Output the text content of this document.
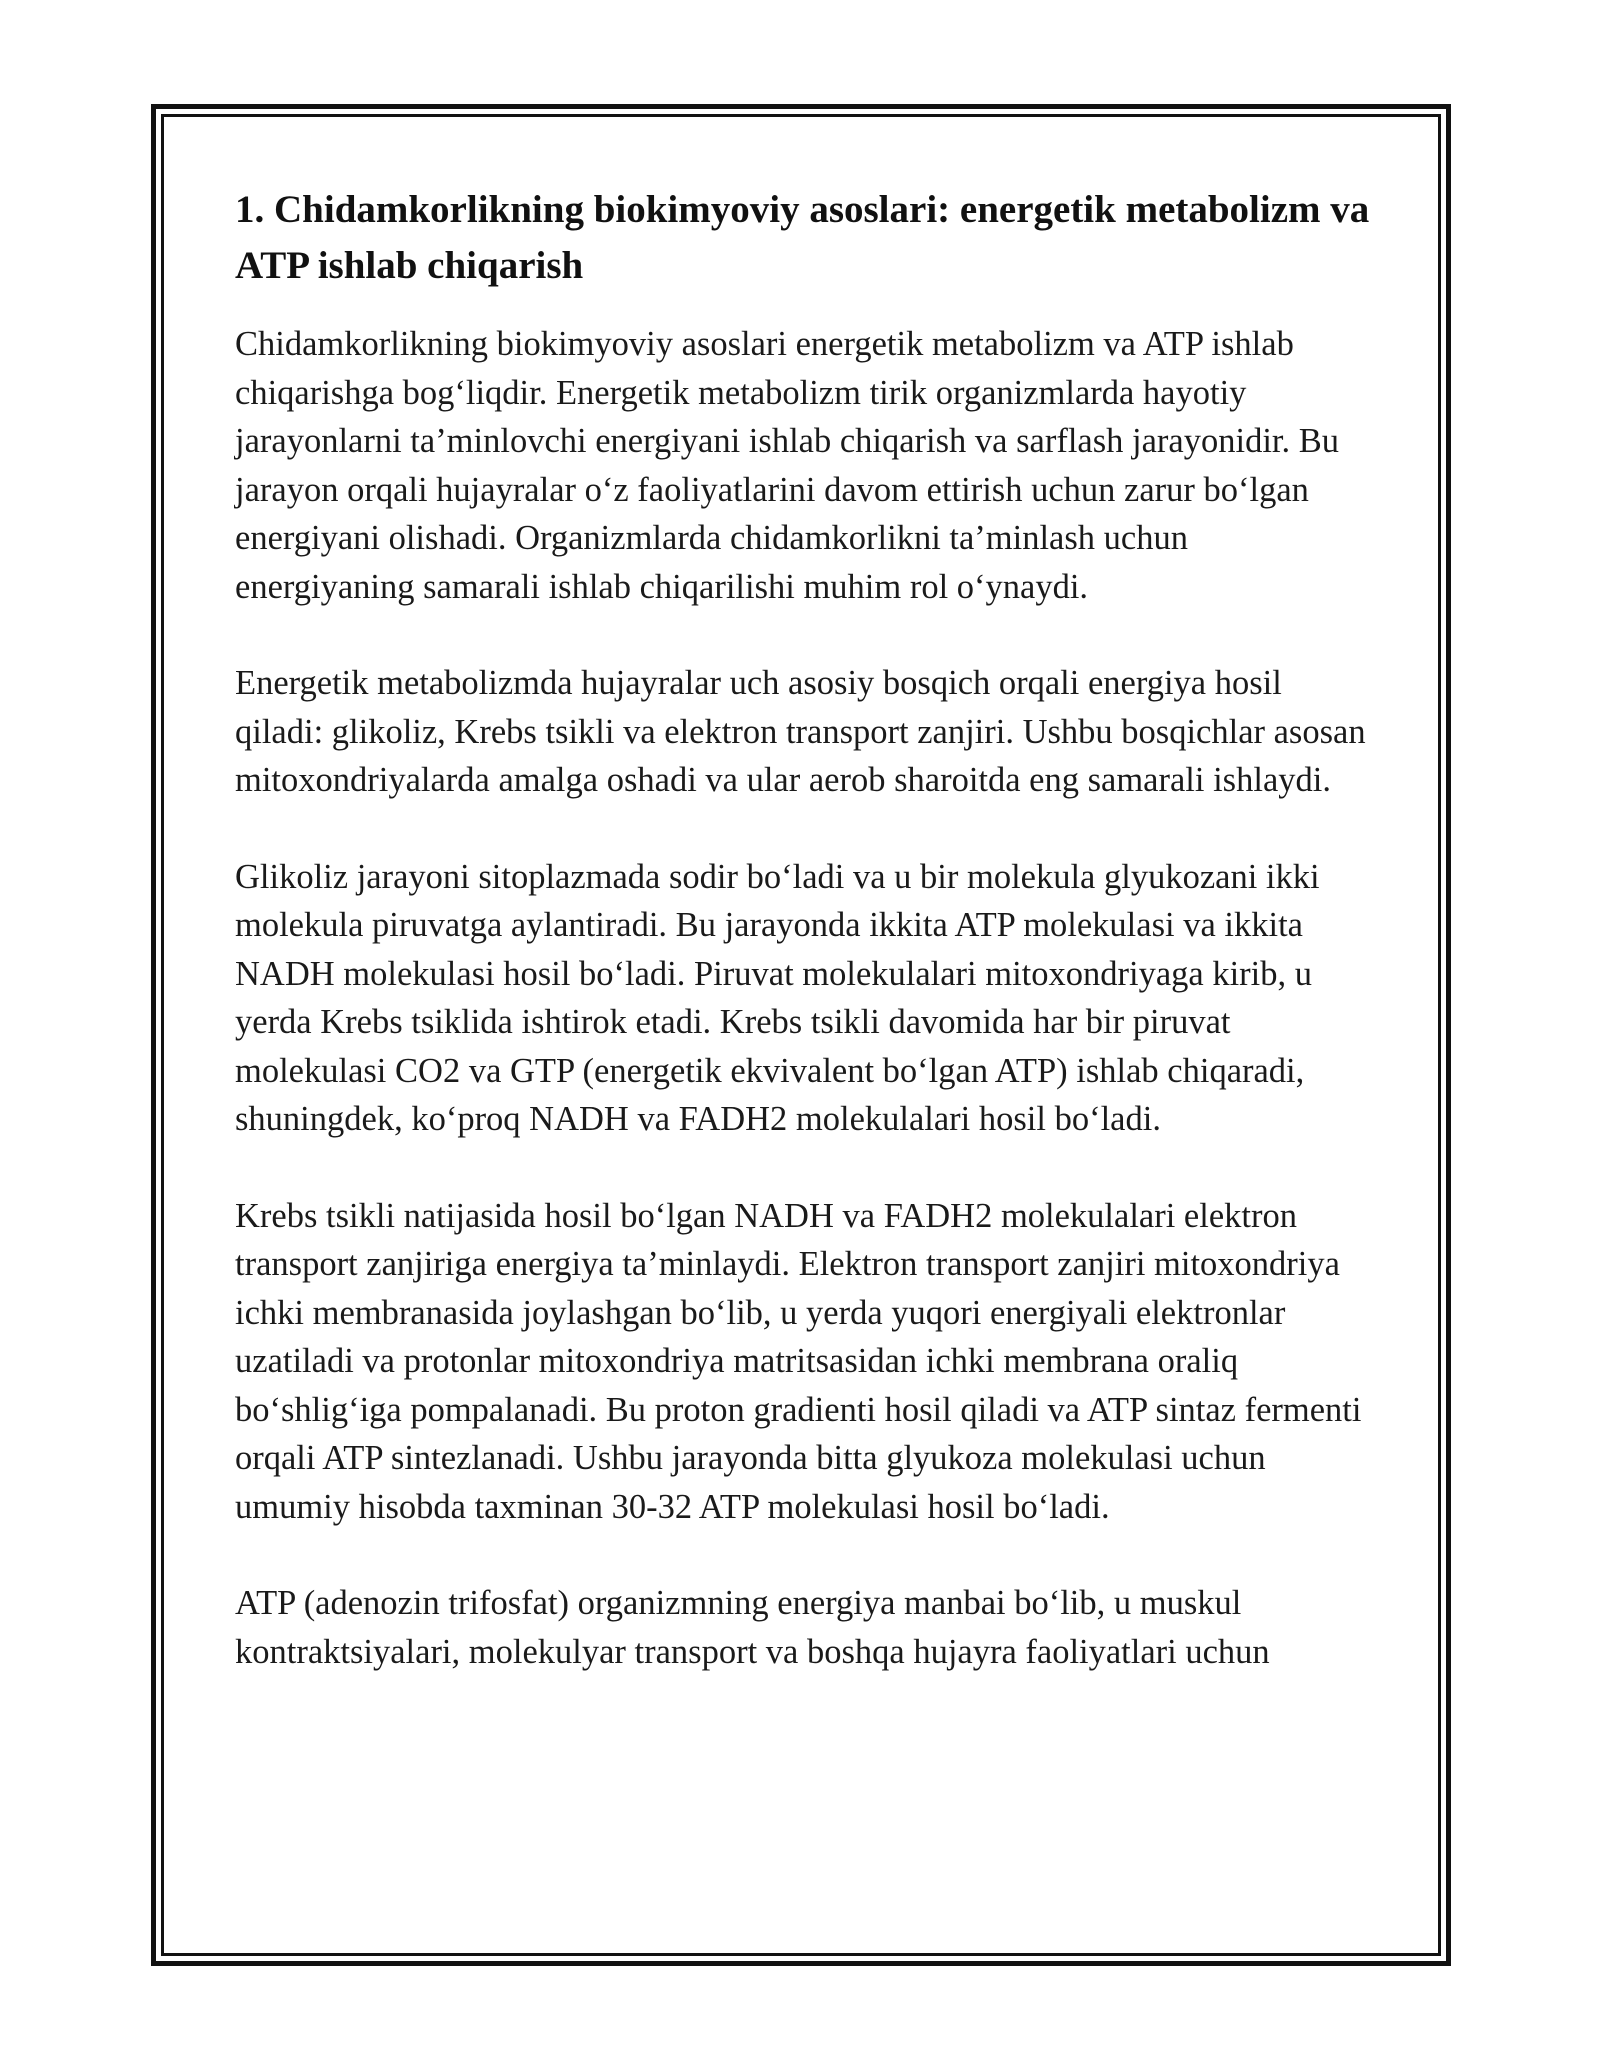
1. Chidamkorlikning biokimyoviy asoslari: energetik metabolizm va ATP ishlab chiqarish

Chidamkorlikning biokimyoviy asoslari energetik metabolizm va ATP ishlab chiqarishga bog‘liqdir. Energetik metabolizm tirik organizmlarda hayotiy jarayonlarni ta’minlovchi energiyani ishlab chiqarish va sarflash jarayonidir. Bu jarayon orqali hujayralar o‘z faoliyatlarini davom ettirish uchun zarur bo‘lgan energiyani olishadi. Organizmlarda chidamkorlikni ta’minlash uchun energiyaning samarali ishlab chiqarilishi muhim rol o‘ynaydi.

Energetik metabolizmda hujayralar uch asosiy bosqich orqali energiya hosil qiladi: glikoliz, Krebs tsikli va elektron transport zanjiri. Ushbu bosqichlar asosan mitoxondriyalarda amalga oshadi va ular aerob sharoitda eng samarali ishlaydi.

Glikoliz jarayoni sitoplazmada sodir bo‘ladi va u bir molekula glyukozani ikki molekula piruvatga aylantiradi. Bu jarayonda ikkita ATP molekulasi va ikkita NADH molekulasi hosil bo‘ladi. Piruvat molekulalari mitoxondriyaga kirib, u yerda Krebs tsiklida ishtirok etadi. Krebs tsikli davomida har bir piruvat molekulasi CO2 va GTP (energetik ekvivalent bo‘lgan ATP) ishlab chiqaradi, shuningdek, ko‘proq NADH va FADH2 molekulalari hosil bo‘ladi.

Krebs tsikli natijasida hosil bo‘lgan NADH va FADH2 molekulalari elektron transport zanjiriga energiya ta’minlaydi. Elektron transport zanjiri mitoxondriya ichki membranasida joylashgan bo‘lib, u yerda yuqori energiyali elektronlar uzatiladi va protonlar mitoxondriya matritsasidan ichki membrana oraliq bo‘shlig‘iga pompalanadi. Bu proton gradienti hosil qiladi va ATP sintaz fermenti orqali ATP sintezlanadi. Ushbu jarayonda bitta glyukoza molekulasi uchun umumiy hisobda taxminan 30-32 ATP molekulasi hosil bo‘ladi.

ATP (adenozin trifosfat) organizmning energiya manbai bo‘lib, u muskul kontraktsiyalari, molekulyar transport va boshqa hujayra faoliyatlari uchun
